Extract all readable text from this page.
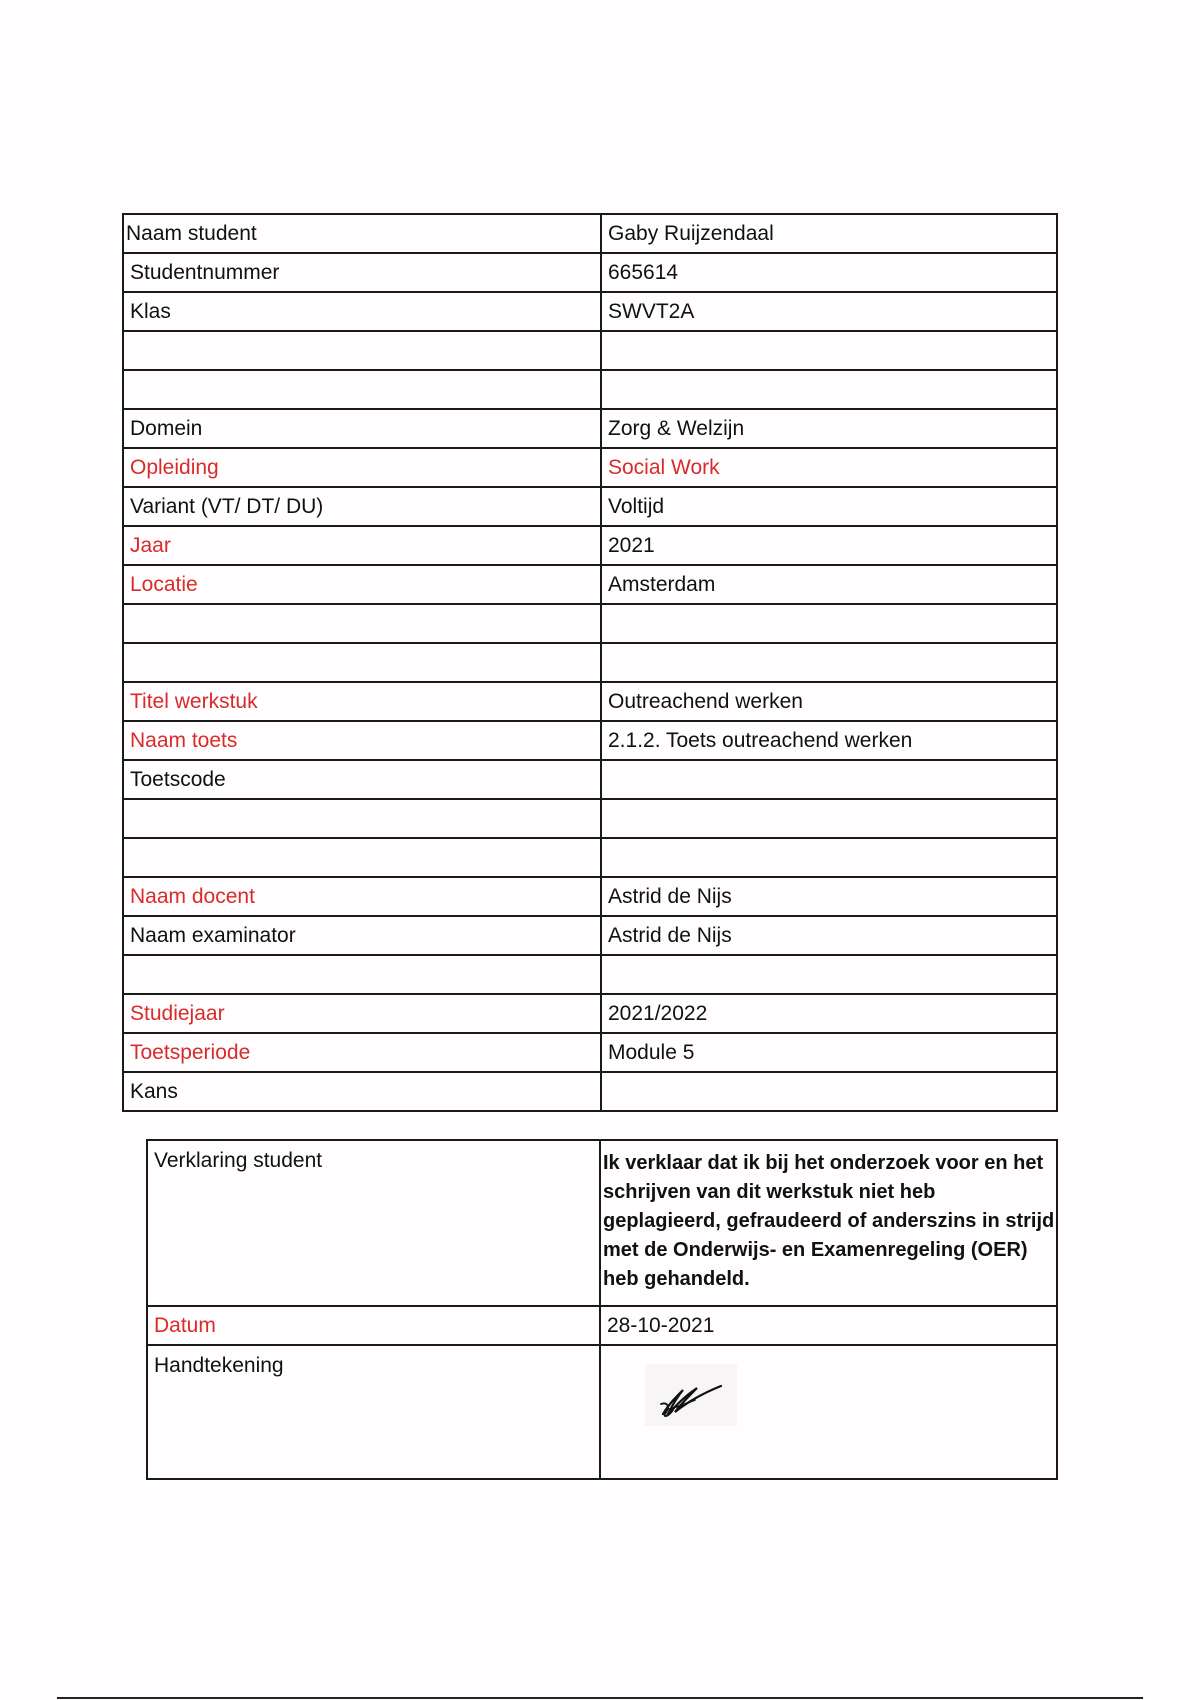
Naam student	Gaby Ruijzendaal
Studentnummer	665614
Klas	SWVT2A

Domein	Zorg & Welzijn
Opleiding	Social Work
Variant (VT/ DT/ DU)	Voltijd
Jaar	2021
Locatie	Amsterdam

Titel werkstuk	Outreachend werken
Naam toets	2.1.2. Toets outreachend werken
Toetscode	

Naam docent	Astrid de Nijs
Naam examinator	Astrid de Nijs

Studiejaar	2021/2022
Toetsperiode	Module 5
Kans	
Verklaring student	Ik verklaar dat ik bij het onderzoek voor en het schrijven van dit werkstuk niet heb geplagieerd, gefraudeerd of anderszins in strijd met de Onderwijs- en Examenregeling (OER) heb gehandeld.
Datum	28-10-2021
Handtekening	
